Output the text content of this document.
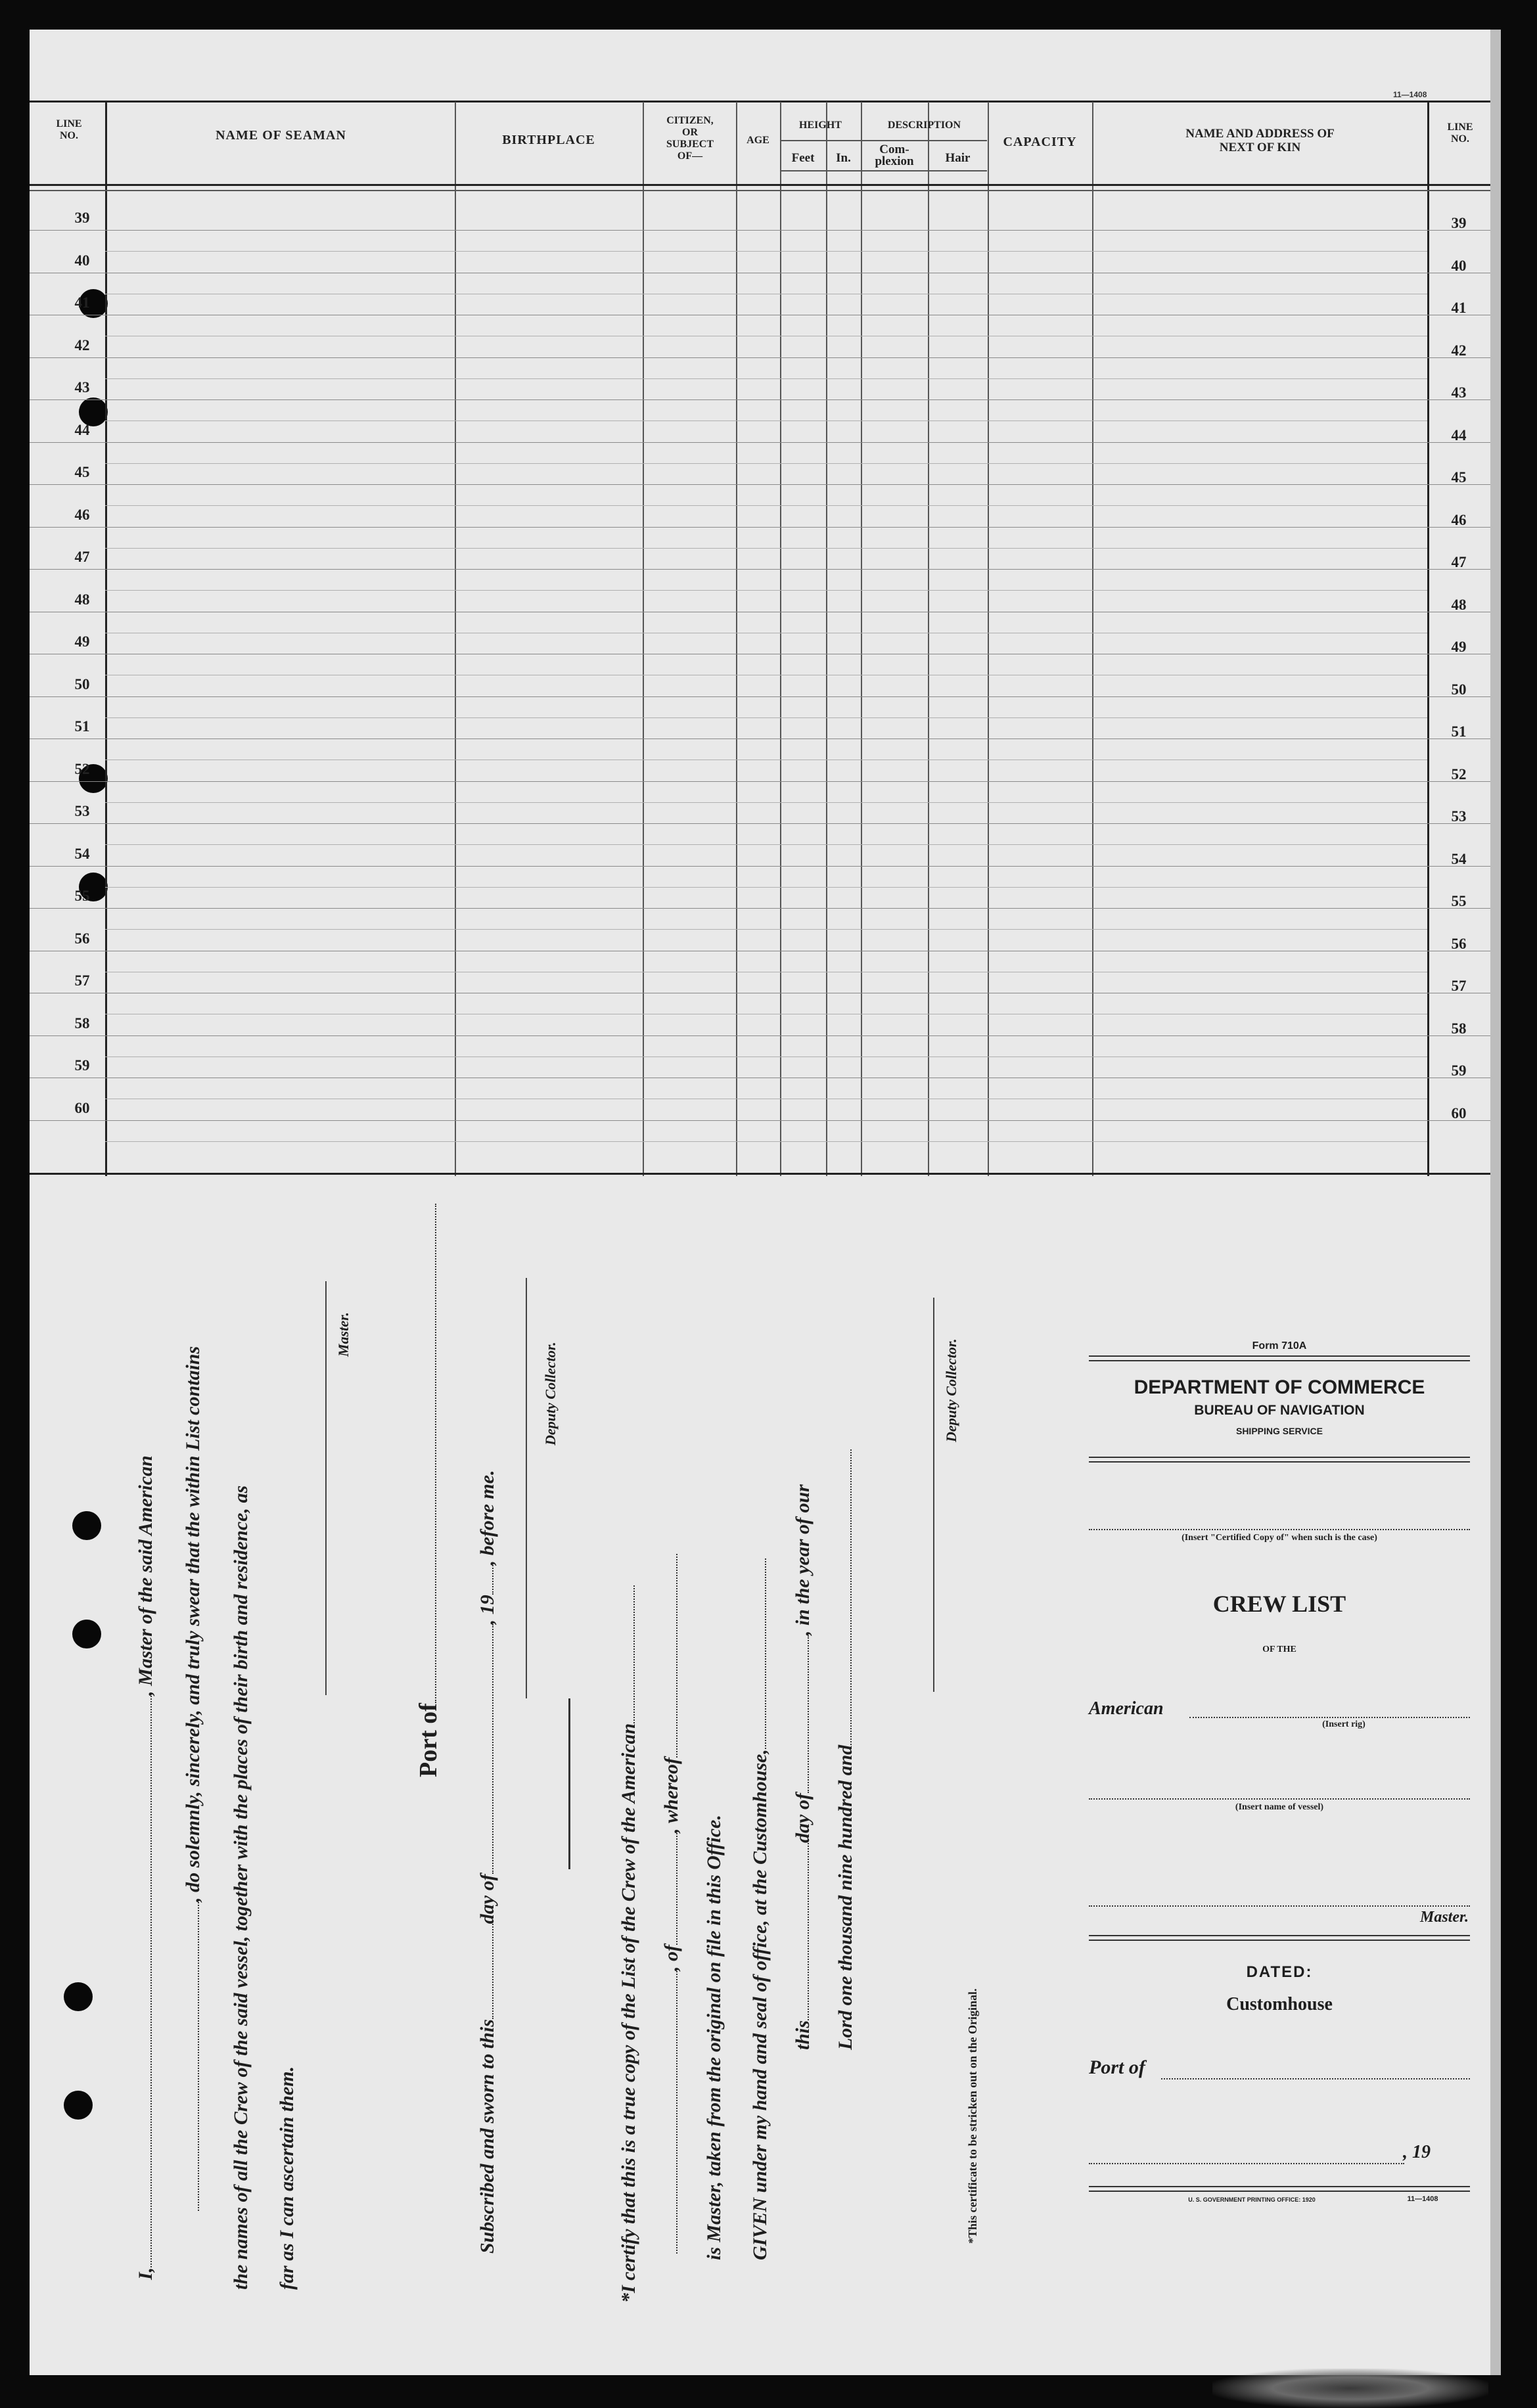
11—1408
LINE
NO.	NAME OF SEAMAN	BIRTHPLACE
CITIZEN,
OR
SUBJECT
OF—
AGE
HEIGHT	DESCRIPTION
Feet	In.
Com-
plexion	Hair
CAPACITY
NAME AND ADDRESS OF
NEXT OF KIN
LINE
NO.
39	39
40	40
41	41
42	42
43	43
44	44
45	45
46	46
47	47
48	48
49	49
50	50
51	51
52	52
53	53
54	54
55	55
56	56
57	57
58	58
59	59
60	60
I,, Master of the said American , do solemnly, sincerely, and truly swear that the within List contains the names of all the Crew of the said vessel, together with the places of their birth and residence, as far as I can ascertain them.
Master.
Port of
Subscribed and sworn to thisday of, 19, before me.
Deputy Collector.
*I certify that this is a true copy of the List of the Crew of the American , of, whereof
is Master, taken from the original on file in this Office. GIVEN under my hand and seal of office, at the Customhouse, thisday of, in the year of our
Lord one thousand nine hundred and
Deputy Collector.
*This certificate to be stricken out on the Original.
Form 710A
DEPARTMENT OF COMMERCE
BUREAU OF NAVIGATION
SHIPPING SERVICE
(Insert "Certified Copy of" when such is the case)
CREW LIST
OF THE
American
(Insert rig)
(Insert name of vessel)
Master.
DATED:
Customhouse
Port of
, 19
U. S. GOVERNMENT PRINTING OFFICE: 1920	11—1408
